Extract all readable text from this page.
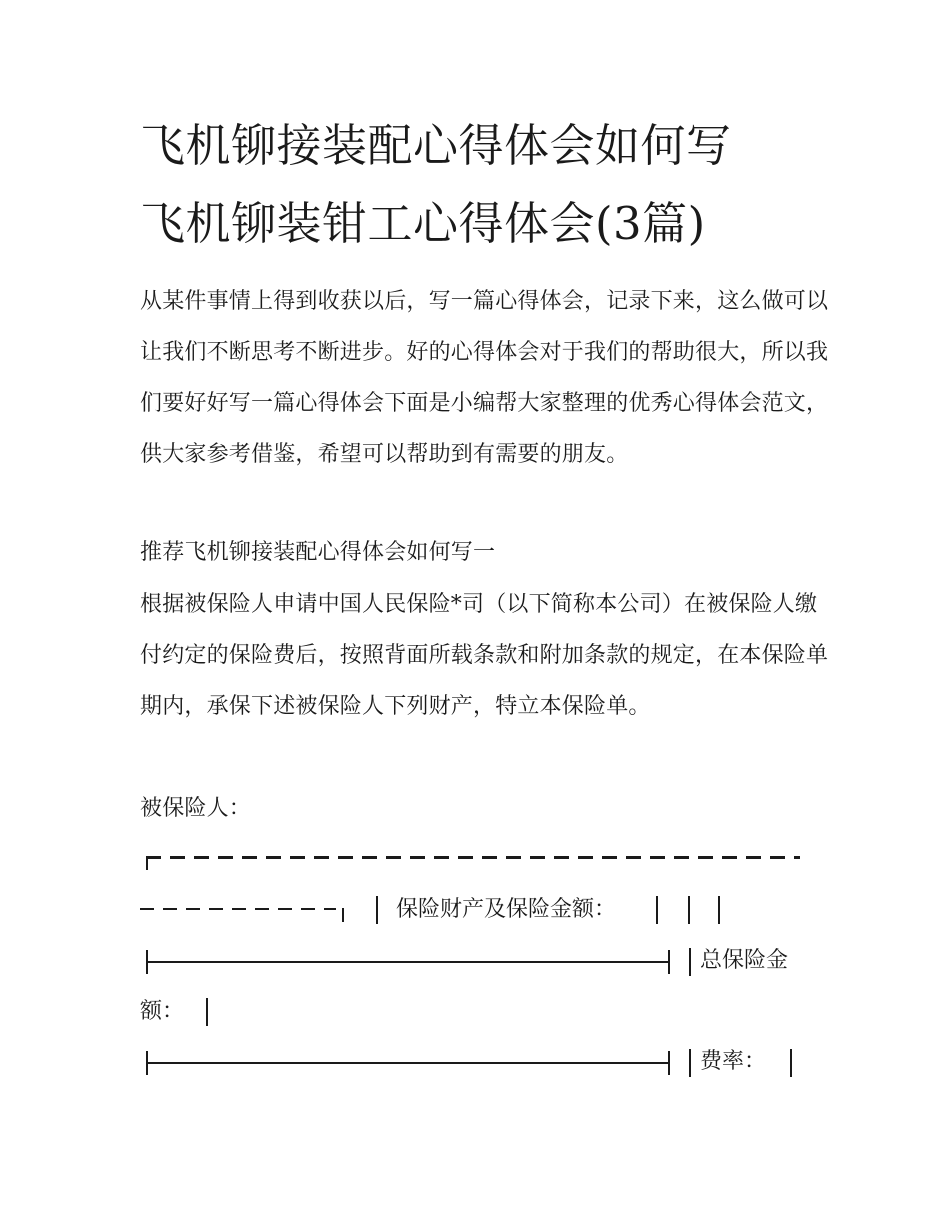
飞机铆接装配心得体会如何写
飞机铆装钳工心得体会(3篇)
从某件事情上得到收获以后，写一篇心得体会，记录下来，这么做可以让我们不断思考不断进步。好的心得体会对于我们的帮助很大，所以我们要好好写一篇心得体会下面是小编帮大家整理的优秀心得体会范文，供大家参考借鉴，希望可以帮助到有需要的朋友。
推荐飞机铆接装配心得体会如何写一
根据被保险人申请中国人民保险*司（以下简称本公司）在被保险人缴付约定的保险费后，按照背面所载条款和附加条款的规定，在本保险单期内，承保下述被保险人下列财产，特立本保险单。
被保险人：
保险财产及保险金额：
总保险金
额：
费率：
